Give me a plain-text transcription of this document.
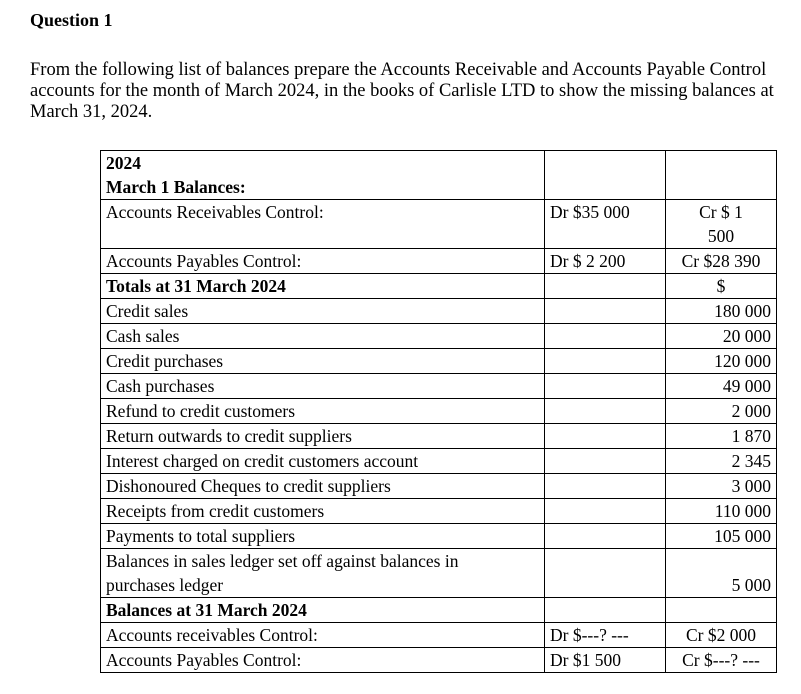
Question 1

From the following list of balances prepare the Accounts Receivable and Accounts Payable Control accounts for the month of March 2024, in the books of Carlisle LTD to show the missing balances at March 31, 2024.

2024
March 1 Balances:		

Accounts Receivables Control:	Dr $35 000	Cr $ 1
500

Accounts Payables Control:	Dr $ 2 200	Cr $28 390
Totals at 31 March 2024		$
Credit sales		180 000
Cash sales		20 000
Credit purchases		120 000
Cash purchases		49 000
Refund to credit customers		2 000
Return outwards to credit suppliers		1 870
Interest charged on credit customers account		2 345
Dishonoured Cheques to credit suppliers		3 000
Receipts from credit customers		110 000
Payments to total suppliers		105 000

Balances in sales ledger set off against balances in
purchases ledger		5 000

Balances at 31 March 2024		
Accounts receivables Control:	Dr $---? ---	Cr $2 000
Accounts Payables Control:	Dr $1 500	Cr $---? ---
